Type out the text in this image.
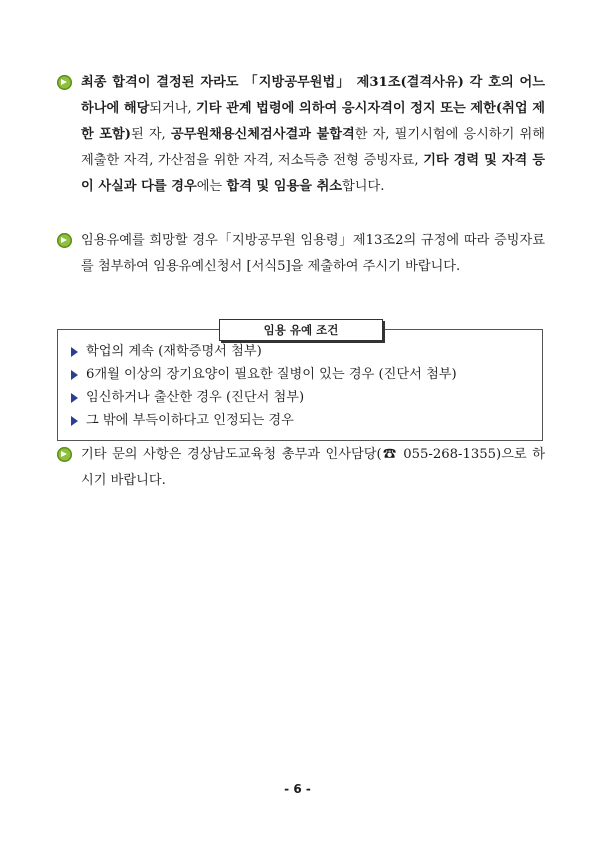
최종 합격이 결정된 자라도 「지방공무원법」 제31조(결격사유) 각 호의 어느 하나에 해당되거나, 기타 관계 법령에 의하여 응시자격이 정지 또는 제한(취업 제한 포함)된 자, 공무원채용신체검사결과 불합격한 자, 필기시험에 응시하기 위해 제출한 자격, 가산점을 위한 자격, 저소득층 전형 증빙자료, 기타 경력 및 자격 등이 사실과 다를 경우에는 합격 및 임용을 취소합니다.
임용유예를 희망할 경우「지방공무원 임용령」제13조2의 규정에 따라 증빙자료를 첨부하여 임용유예신청서 [서식5]을 제출하여 주시기 바랍니다.
임용 유예 조건
학업의 계속 (재학증명서 첨부)
6개월 이상의 장기요양이 필요한 질병이 있는 경우 (진단서 첨부)
임신하거나 출산한 경우 (진단서 첨부)
그 밖에 부득이하다고 인정되는 경우
기타 문의 사항은 경상남도교육청 총무과 인사담당(☎ 055-268-1355)으로 하시기 바랍니다.
- 6 -
